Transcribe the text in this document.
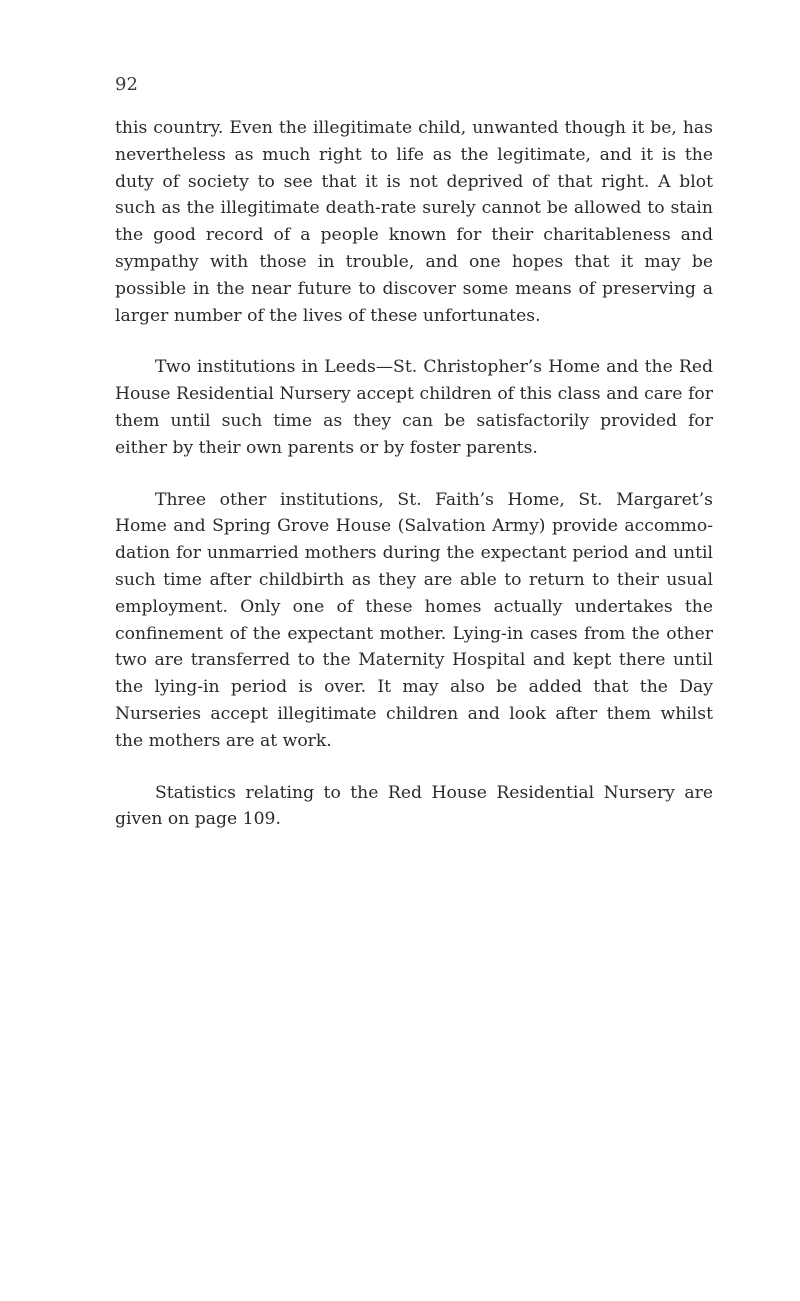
92

this country. Even the illegitimate child, unwanted though it be, has nevertheless as much right to life as the legitimate, and it is the duty of society to see that it is not deprived of that right. A blot such as the illegitimate death-rate surely cannot be allowed to stain the good record of a people known for their charitableness and sympathy with those in trouble, and one hopes that it may be possible in the near future to discover some means of preserving a larger number of the lives of these unfortunates.

Two institutions in Leeds—St. Christopher’s Home and the Red House Residential Nursery accept children of this class and care for them until such time as they can be satisfactorily provided for either by their own parents or by foster parents.

Three other institutions, St. Faith’s Home, St. Margaret’s Home and Spring Grove House (Salvation Army) provide accommo-dation for unmarried mothers during the expectant period and until such time after childbirth as they are able to return to their usual employment. Only one of these homes actually undertakes the confinement of the expectant mother. Lying-in cases from the other two are transferred to the Maternity Hospital and kept there until the lying-in period is over. It may also be added that the Day Nurseries accept illegitimate children and look after them whilst the mothers are at work.

Statistics relating to the Red House Residential Nursery are given on page 109.
